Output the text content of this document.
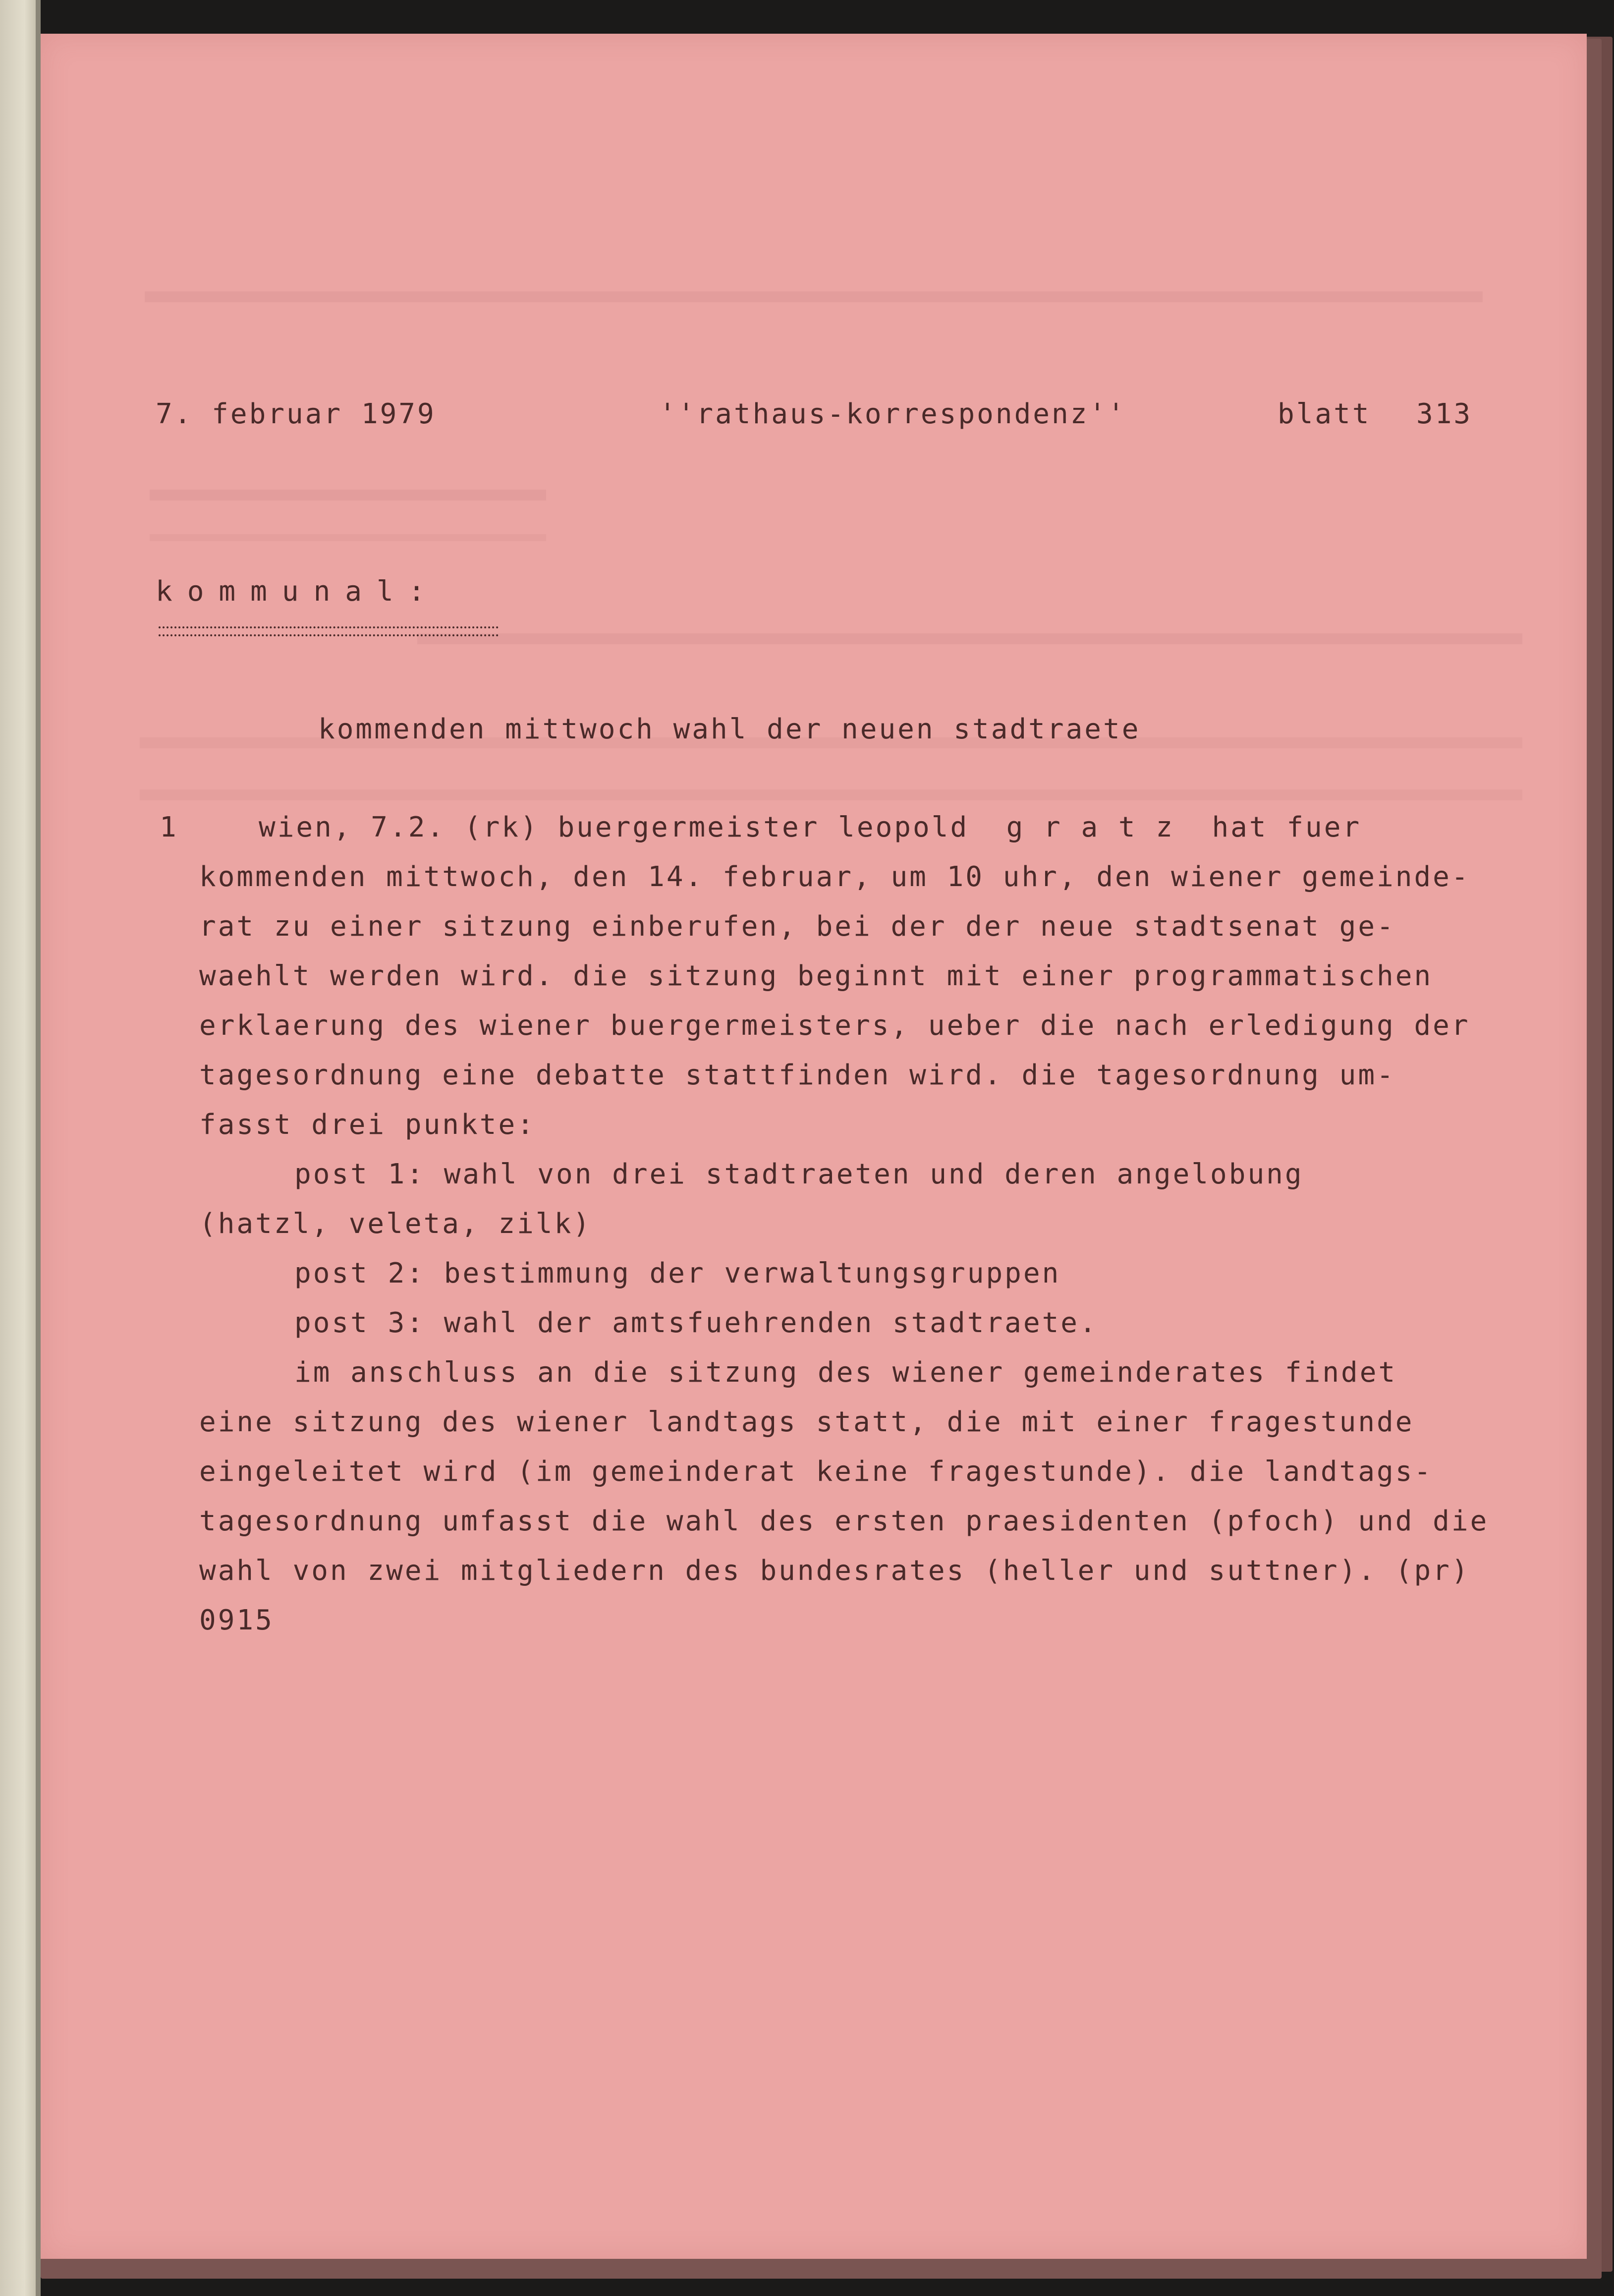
7. februar 1979	''rathaus-korrespondenz''	blatt 313
kommunal:
kommenden mittwoch wahl der neuen stadtraete
1	wien, 7.2. (rk) buergermeister leopold  g r a t z  hat fuer
kommenden mittwoch, den 14. februar, um 10 uhr, den wiener gemeinde-
rat zu einer sitzung einberufen, bei der der neue stadtsenat ge-
waehlt werden wird. die sitzung beginnt mit einer programmatischen
erklaerung des wiener buergermeisters, ueber die nach erledigung der
tagesordnung eine debatte stattfinden wird. die tagesordnung um-
fasst drei punkte:
post 1: wahl von drei stadtraeten und deren angelobung
(hatzl, veleta, zilk)
post 2: bestimmung der verwaltungsgruppen
post 3: wahl der amtsfuehrenden stadtraete.
im anschluss an die sitzung des wiener gemeinderates findet
eine sitzung des wiener landtags statt, die mit einer fragestunde
eingeleitet wird (im gemeinderat keine fragestunde). die landtags-
tagesordnung umfasst die wahl des ersten praesidenten (pfoch) und die
wahl von zwei mitgliedern des bundesrates (heller und suttner). (pr)
0915
